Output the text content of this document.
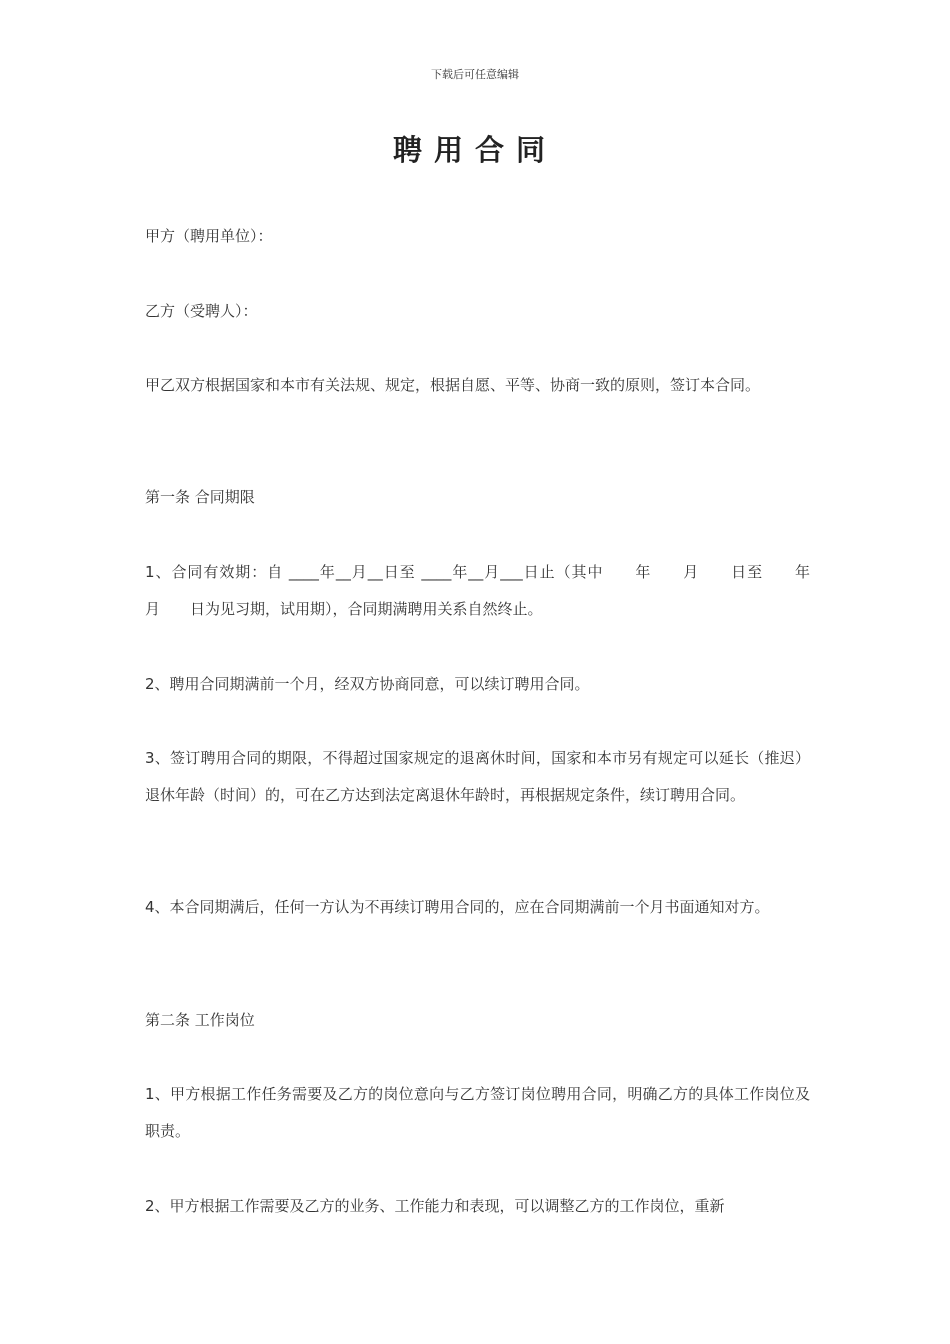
下载后可任意编辑
聘用合同

甲方（聘用单位）：

乙方（受聘人）：

甲乙双方根据国家和本市有关法规、规定，根据自愿、平等、协商一致的原则，签订本合同。

第一条 合同期限

1、合同有效期：自 ____年__月__日至 ____年__月___日止（其中　　年　　月　　日至　　年　　月　　日为见习期，试用期），合同期满聘用关系自然终止。

2、聘用合同期满前一个月，经双方协商同意，可以续订聘用合同。

3、签订聘用合同的期限，不得超过国家规定的退离休时间，国家和本市另有规定可以延长（推迟）退休年龄（时间）的，可在乙方达到法定离退休年龄时，再根据规定条件，续订聘用合同。

4、本合同期满后，任何一方认为不再续订聘用合同的，应在合同期满前一个月书面通知对方。

第二条 工作岗位

1、甲方根据工作任务需要及乙方的岗位意向与乙方签订岗位聘用合同，明确乙方的具体工作岗位及职责。

2、甲方根据工作需要及乙方的业务、工作能力和表现，可以调整乙方的工作岗位，重新
